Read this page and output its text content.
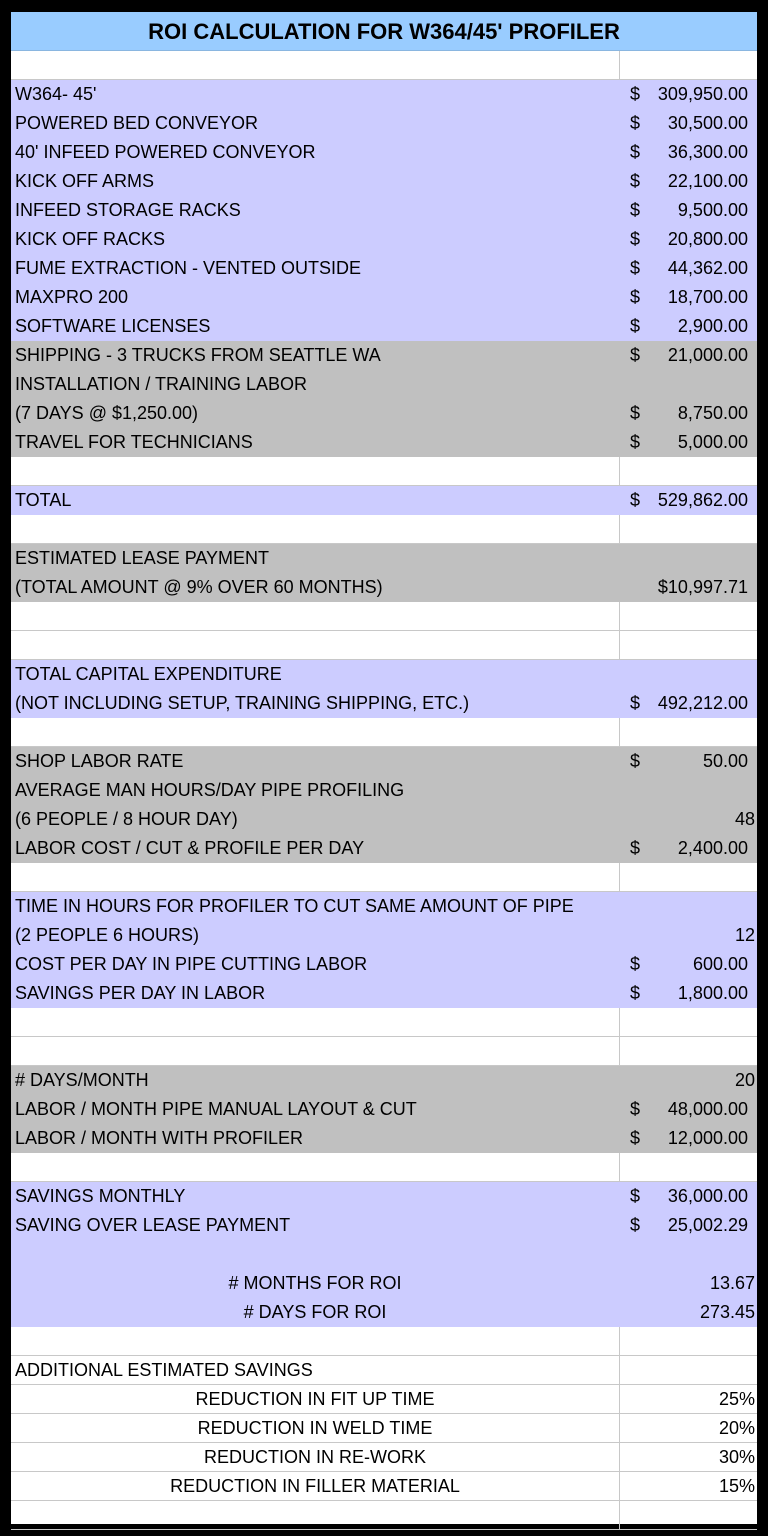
ROI CALCULATION FOR W364/45' PROFILER
W364- 45'	$ 309,950.00
POWERED BED CONVEYOR	$ 30,500.00
40' INFEED POWERED CONVEYOR	$ 36,300.00
KICK OFF ARMS	$ 22,100.00
INFEED STORAGE RACKS	$ 9,500.00
KICK OFF RACKS	$ 20,800.00
FUME EXTRACTION - VENTED OUTSIDE	$ 44,362.00
MAXPRO 200	$ 18,700.00
SOFTWARE LICENSES	$ 2,900.00
SHIPPING - 3 TRUCKS FROM SEATTLE WA	$ 21,000.00
INSTALLATION / TRAINING LABOR
(7 DAYS @ $1,250.00)	$ 8,750.00
TRAVEL FOR TECHNICIANS	$ 5,000.00
TOTAL	$ 529,862.00
ESTIMATED LEASE PAYMENT
(TOTAL AMOUNT @ 9% OVER 60 MONTHS)	$10,997.71
TOTAL CAPITAL EXPENDITURE
(NOT INCLUDING SETUP, TRAINING SHIPPING, ETC.)	$ 492,212.00
SHOP LABOR RATE	$	50.00
AVERAGE MAN HOURS/DAY PIPE PROFILING
(6 PEOPLE / 8 HOUR DAY)	48
LABOR COST / CUT & PROFILE PER DAY	$ 2,400.00
TIME IN HOURS FOR PROFILER TO CUT SAME AMOUNT OF PIPE
(2 PEOPLE 6 HOURS)	12
COST PER DAY IN PIPE CUTTING LABOR	$	600.00
SAVINGS PER DAY IN LABOR	$ 1,800.00
# DAYS/MONTH	20
LABOR / MONTH PIPE MANUAL LAYOUT & CUT	$ 48,000.00
LABOR / MONTH WITH PROFILER	$ 12,000.00
SAVINGS MONTHLY	$ 36,000.00
SAVING OVER LEASE PAYMENT	$ 25,002.29
# MONTHS FOR ROI	13.67
# DAYS FOR ROI	273.45
ADDITIONAL ESTIMATED SAVINGS
REDUCTION IN FIT UP TIME	25%
REDUCTION IN WELD TIME	20%
REDUCTION IN RE-WORK	30%
REDUCTION IN FILLER MATERIAL	15%
